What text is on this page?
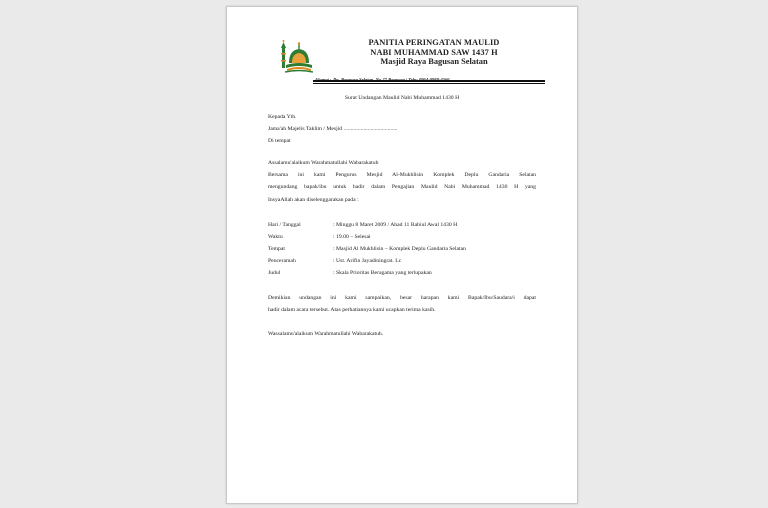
PANITIA PERINGATAN MAULID
NABI MUHAMMAD SAW 1437 H
Masjid Raya Bagusan Selatan
Surat Undangan Maulid Nabi Muhammad 1430 H
Kepada Yth.
Jama'ah Majelis Taklim / Mesjid ......................................
Di tempat
Assalamu'alaikum Warahmatullahi Wabarakatuh
Bersama ini kami Pengurus Mesjid Al-Mukhlisin Komplek Deplu Gandaria Selatan
mengundang bapak/ibu untuk hadir dalam Pengajian Maulid Nabi Muhammad 1430 H yang
InsyaAllah akan diselenggarakan pada :
Hari / Tanggal	: Minggu 8 Maret 2009 / Ahad 11 Rabiul Awal 1430 H
Waktu	: 19.00 – Selesai
Tempat	: Masjid Al Mukhlisin – Komplek Deplu Gandaria Selatan
Penceramah	: Ust. Arifin Jayadiningrat. Lc
Judul	: Skala Prioritas Beragama yang terlupakan
Demikian undangan ini kami sampaikan, besar harapan kami Bapak/Ibu/Saudara/i dapat
hadir dalam acara tersebut. Atas perhatiannya kami ucapkan terima kasih.
Wassalamu'alaikum Warahmatullahi Wabarakatuh.
